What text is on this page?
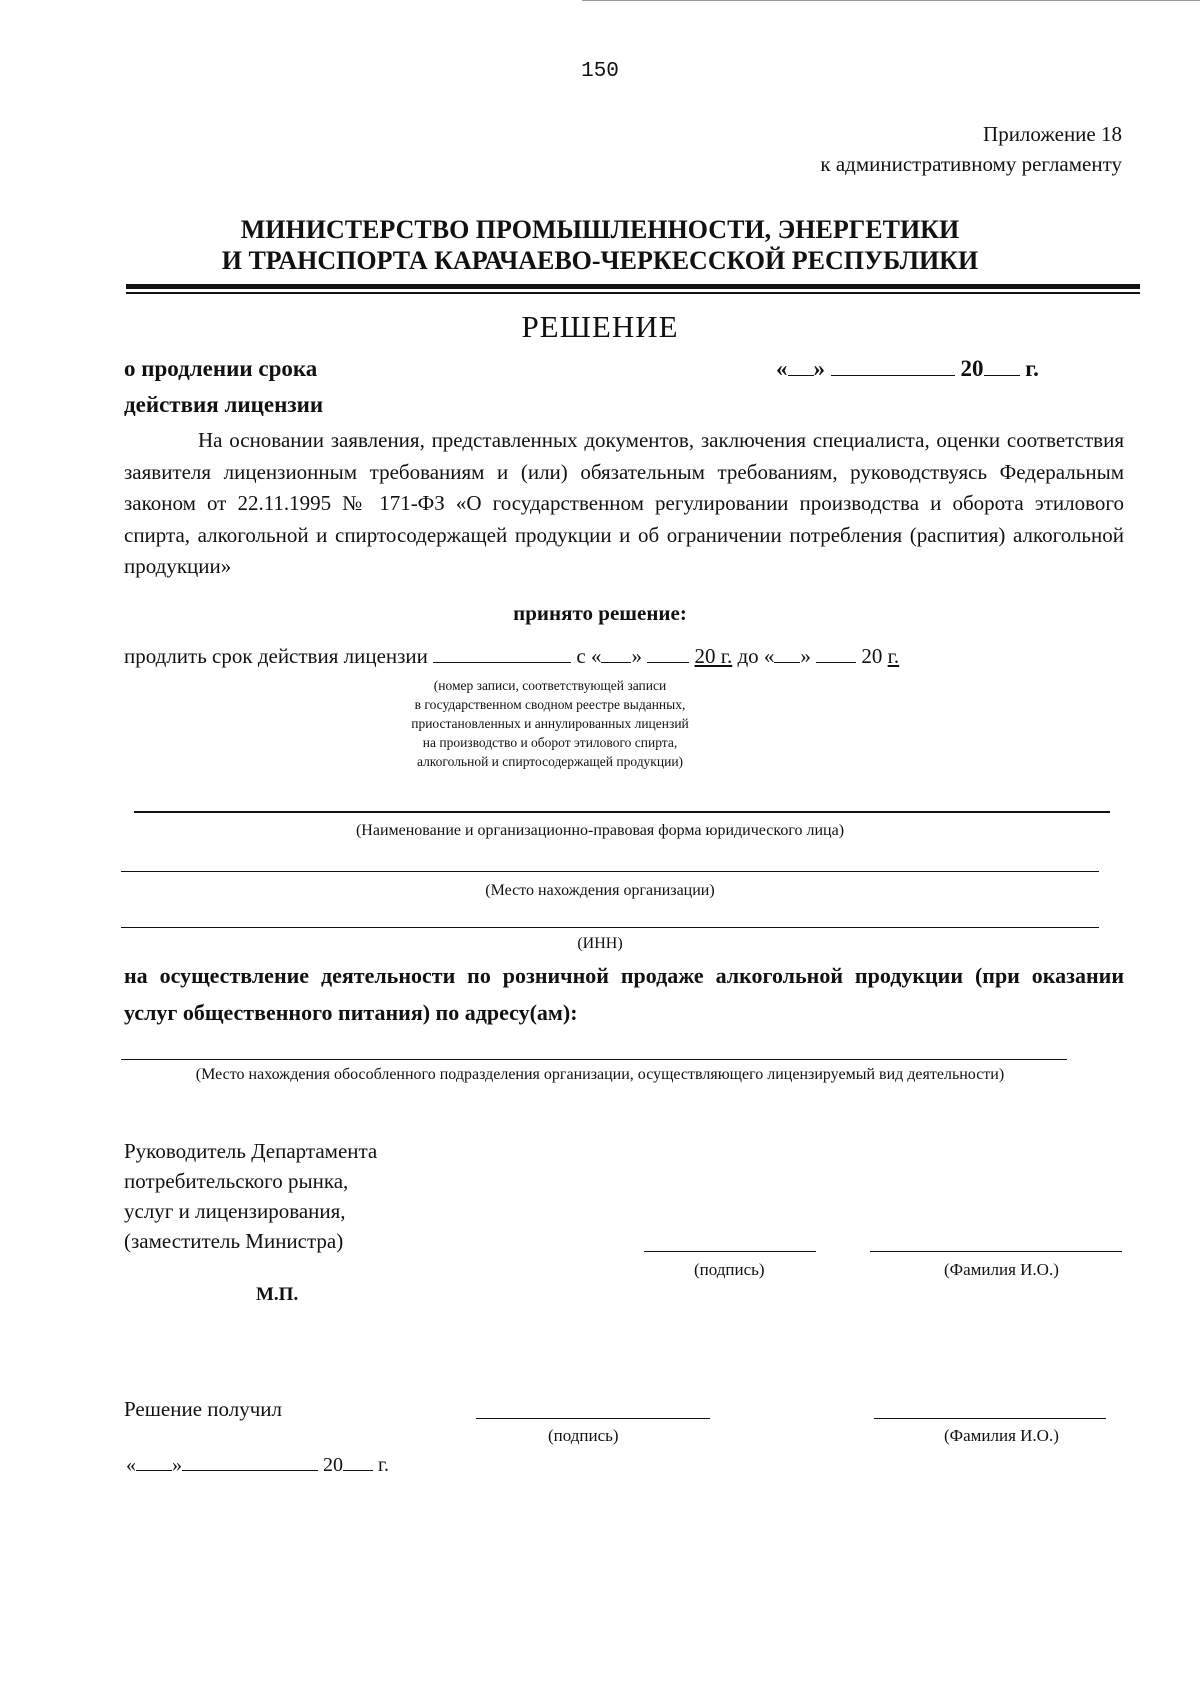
150
Приложение 18
к административному регламенту
МИНИСТЕРСТВО ПРОМЫШЛЕННОСТИ, ЭНЕРГЕТИКИ
И ТРАНСПОРТА КАРАЧАЕВО-ЧЕРКЕССКОЙ РЕСПУБЛИКИ
РЕШЕНИЕ
о продлении срока
действия лицензии
« »	20 г.
На основании заявления, представленных документов, заключения специалиста, оценки соответствия заявителя лицензионным требованиям и (или) обязательным требованиям, руководствуясь Федеральным законом от 22.11.1995 № 171-ФЗ «О государственном регулировании производства и оборота этилового спирта, алкогольной и спиртосодержащей продукции и об ограничении потребления (распития) алкогольной продукции»
принято решение:
продлить срок действия лицензии	с « »	20 г. до « » 20 г.
(номер записи, соответствующей записи
в государственном сводном реестре выданных,
приостановленных и аннулированных лицензий
на производство и оборот этилового спирта,
алкогольной и спиртосодержащей продукции)
(Наименование и организационно-правовая форма юридического лица)
(Место нахождения организации)
(ИНН)
на осуществление деятельности по розничной продаже алкогольной продукции (при оказании услуг общественного питания) по адресу(ам):
(Место нахождения обособленного подразделения организации, осуществляющего лицензируемый вид деятельности)
Руководитель Департамента
потребительского рынка,
услуг и лицензирования,
(заместитель Министра)
(подпись)	(Фамилия И.О.)
М.П.
Решение получил
(подпись)	(Фамилия И.О.)
« »	20 г.
